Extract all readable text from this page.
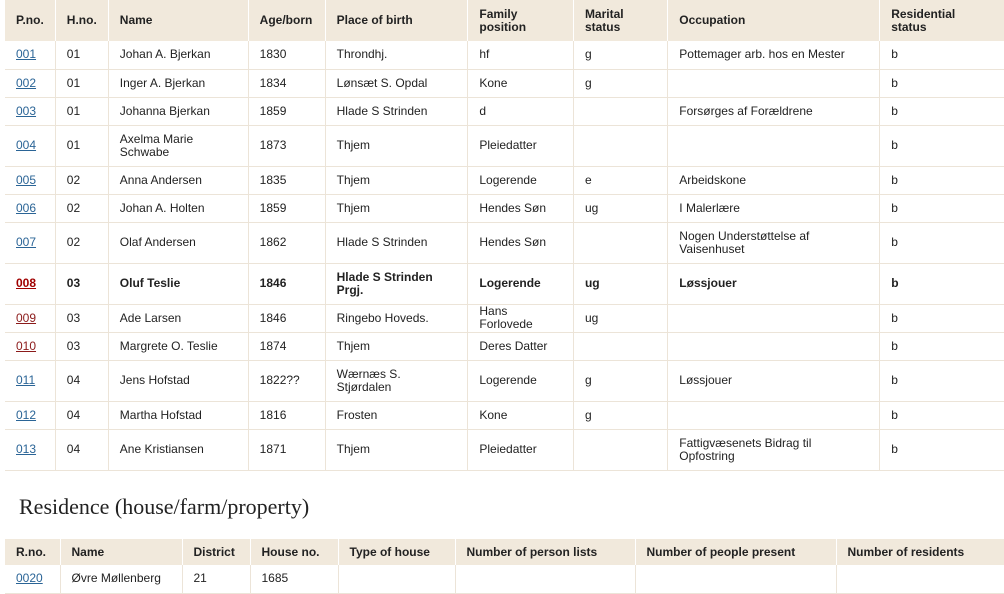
P.no.	H.no.	Name	Age/born	Place of birth	Family position	Marital status	Occupation	Residential status
001	01	Johan A. Bjerkan	1830	Throndhj.	hf	g	Pottemager arb. hos en Mester	b
002	01	Inger A. Bjerkan	1834	Lønsæt S. Opdal	Kone	g		b
003	01	Johanna Bjerkan	1859	Hlade S Strinden	d		Forsørges af Forældrene	b
004	01	Axelma Marie Schwabe	1873	Thjem	Pleiedatter			b
005	02	Anna Andersen	1835	Thjem	Logerende	e	Arbeidskone	b
006	02	Johan A. Holten	1859	Thjem	Hendes Søn	ug	I Malerlære	b
007	02	Olaf Andersen	1862	Hlade S Strinden	Hendes Søn		Nogen Understøttelse af Vaisenhuset	b
008	03	Oluf Teslie	1846	Hlade S Strinden Prgj.	Logerende	ug	Løssjouer	b
009	03	Ade Larsen	1846	Ringebo Hoveds.	Hans Forlovede	ug		b
010	03	Margrete O. Teslie	1874	Thjem	Deres Datter			b
011	04	Jens Hofstad	1822??	Wærnæs S. Stjørdalen	Logerende	g	Løssjouer	b
012	04	Martha Hofstad	1816	Frosten	Kone	g		b
013	04	Ane Kristiansen	1871	Thjem	Pleiedatter		Fattigvæsenets Bidrag til Opfostring	b
Residence (house/farm/property)
R.no.	Name	District	House no.	Type of house	Number of person lists	Number of people present	Number of residents
0020	Øvre Møllenberg	21	1685				
